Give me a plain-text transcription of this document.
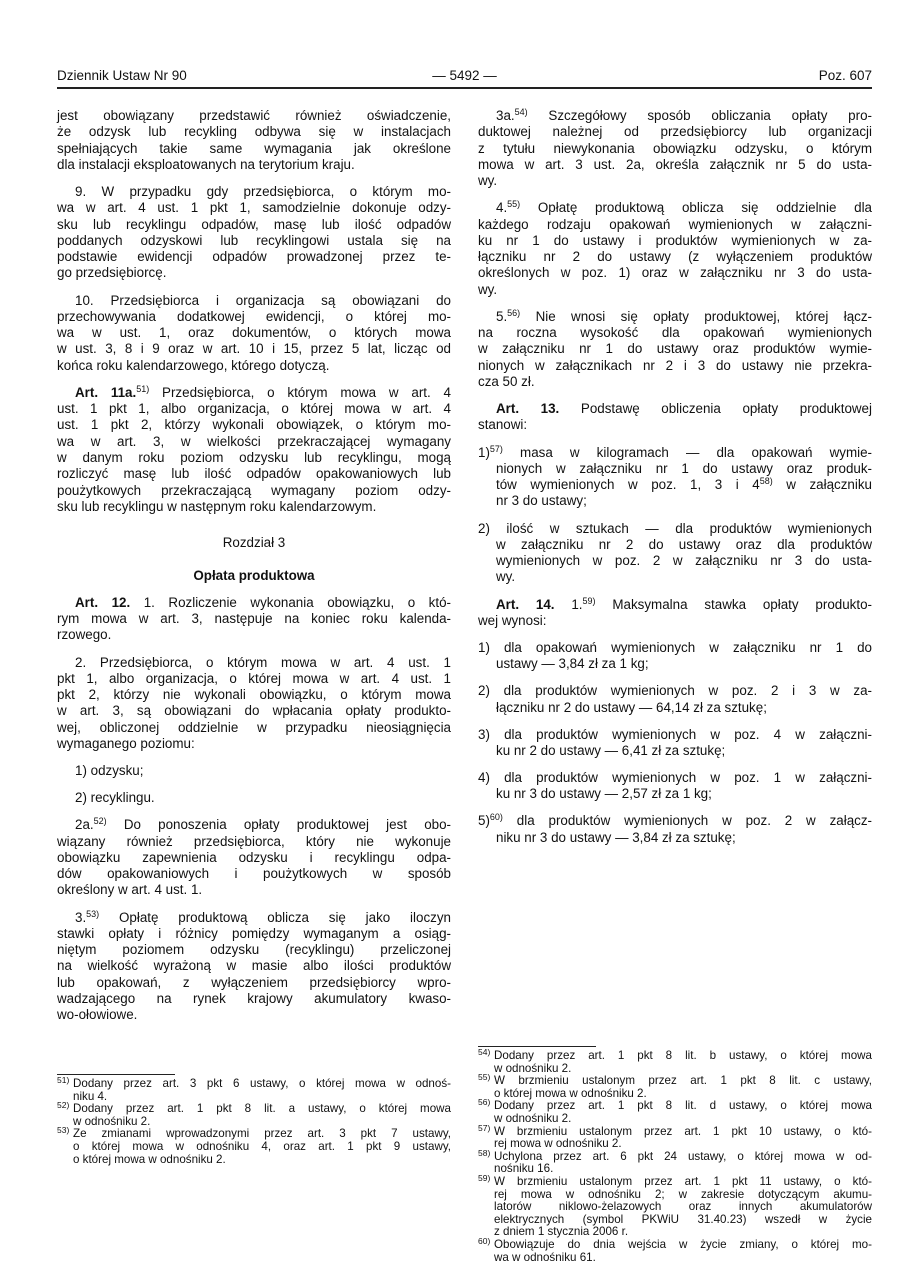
Dziennik Ustaw Nr 90	— 5492 —	Poz. 607
jest obowiązany przedstawić również oświadczenie,
że odzysk lub recykling odbywa się w instalacjach
spełniających takie same wymagania jak określone
dla instalacji eksploatowanych na terytorium kraju.
9. W przypadku gdy przedsiębiorca, o którym mo-
wa w art. 4 ust. 1 pkt 1, samodzielnie dokonuje odzy-
sku lub recyklingu odpadów, masę lub ilość odpadów
poddanych odzyskowi lub recyklingowi ustala się na
podstawie ewidencji odpadów prowadzonej przez te-
go przedsiębiorcę.
10. Przedsiębiorca i organizacja są obowiązani do
przechowywania dodatkowej ewidencji, o której mo-
wa w ust. 1, oraz dokumentów, o których mowa
w ust. 3, 8 i 9 oraz w art. 10 i 15, przez 5 lat, licząc od
końca roku kalendarzowego, którego dotyczą.
Art. 11a.$^{51)}$ Przedsiębiorca, o którym mowa w art. 4
ust. 1 pkt 1, albo organizacja, o której mowa w art. 4
ust. 1 pkt 2, którzy wykonali obowiązek, o którym mo-
wa w art. 3, w wielkości przekraczającej wymagany
w danym roku poziom odzysku lub recyklingu, mogą
rozliczyć masę lub ilość odpadów opakowaniowych lub
poużytkowych przekraczającą wymagany poziom odzy-
sku lub recyklingu w następnym roku kalendarzowym.
Rozdział 3
Opłata produktowa
Art. 12. 1. Rozliczenie wykonania obowiązku, o któ-
rym mowa w art. 3, następuje na koniec roku kalenda-
rzowego.
2. Przedsiębiorca, o którym mowa w art. 4 ust. 1
pkt 1, albo organizacja, o której mowa w art. 4 ust. 1
pkt 2, którzy nie wykonali obowiązku, o którym mowa
w art. 3, są obowiązani do wpłacania opłaty produkto-
wej, obliczonej oddzielnie w przypadku nieosiągnięcia
wymaganego poziomu:
1) odzysku;
2) recyklingu.
2a.$^{52)}$ Do ponoszenia opłaty produktowej jest obo-
wiązany również przedsiębiorca, który nie wykonuje
obowiązku zapewnienia odzysku i recyklingu odpa-
dów opakowaniowych i poużytkowych w sposób
określony w art. 4 ust. 1.
3.$^{53)}$ Opłatę produktową oblicza się jako iloczyn
stawki opłaty i różnicy pomiędzy wymaganym a osiąg-
niętym poziomem odzysku (recyklingu) przeliczonej
na wielkość wyrażoną w masie albo ilości produktów
lub opakowań, z wyłączeniem przedsiębiorcy wpro-
wadzającego na rynek krajowy akumulatory kwaso-
wo-ołowiowe.
3a.$^{54)}$ Szczegółowy sposób obliczania opłaty pro-
duktowej należnej od przedsiębiorcy lub organizacji
z tytułu niewykonania obowiązku odzysku, o którym
mowa w art. 3 ust. 2a, określa załącznik nr 5 do usta-
wy.
4.$^{55)}$ Opłatę produktową oblicza się oddzielnie dla
każdego rodzaju opakowań wymienionych w załączni-
ku nr 1 do ustawy i produktów wymienionych w za-
łączniku nr 2 do ustawy (z wyłączeniem produktów
określonych w poz. 1) oraz w załączniku nr 3 do usta-
wy.
5.$^{56)}$ Nie wnosi się opłaty produktowej, której łącz-
na roczna wysokość dla opakowań wymienionych
w załączniku nr 1 do ustawy oraz produktów wymie-
nionych w załącznikach nr 2 i 3 do ustawy nie przekra-
cza 50 zł.
Art. 13. Podstawę obliczenia opłaty produktowej
stanowi:
1)$^{57)}$ masa w kilogramach — dla opakowań wymie-
nionych w załączniku nr 1 do ustawy oraz produk-
tów wymienionych w poz. 1, 3 i 4$^{58)}$ w załączniku
nr 3 do ustawy;
2) ilość w sztukach — dla produktów wymienionych
w załączniku nr 2 do ustawy oraz dla produktów
wymienionych w poz. 2 w załączniku nr 3 do usta-
wy.
Art. 14. 1.$^{59)}$ Maksymalna stawka opłaty produkto-
wej wynosi:
1) dla opakowań wymienionych w załączniku nr 1 do
ustawy — 3,84 zł za 1 kg;
2) dla produktów wymienionych w poz. 2 i 3 w za-
łączniku nr 2 do ustawy — 64,14 zł za sztukę;
3) dla produktów wymienionych w poz. 4 w załączni-
ku nr 2 do ustawy — 6,41 zł za sztukę;
4) dla produktów wymienionych w poz. 1 w załączni-
ku nr 3 do ustawy — 2,57 zł za 1 kg;
5)$^{60)}$ dla produktów wymienionych w poz. 2 w załącz-
niku nr 3 do ustawy — 3,84 zł za sztukę;
$^{51)}$ Dodany przez art. 3 pkt 6 ustawy, o której mowa w odnoś-
niku 4.
$^{52)}$ Dodany przez art. 1 pkt 8 lit. a ustawy, o której mowa
w odnośniku 2.
$^{53)}$ Ze zmianami wprowadzonymi przez art. 3 pkt 7 ustawy,
o której mowa w odnośniku 4, oraz art. 1 pkt 9 ustawy,
o której mowa w odnośniku 2.
$^{54)}$ Dodany przez art. 1 pkt 8 lit. b ustawy, o której mowa
w odnośniku 2.
$^{55)}$ W brzmieniu ustalonym przez art. 1 pkt 8 lit. c ustawy,
o której mowa w odnośniku 2.
$^{56)}$ Dodany przez art. 1 pkt 8 lit. d ustawy, o której mowa
w odnośniku 2.
$^{57)}$ W brzmieniu ustalonym przez art. 1 pkt 10 ustawy, o któ-
rej mowa w odnośniku 2.
$^{58)}$ Uchylona przez art. 6 pkt 24 ustawy, o której mowa w od-
nośniku 16.
$^{59)}$ W brzmieniu ustalonym przez art. 1 pkt 11 ustawy, o któ-
rej mowa w odnośniku 2; w zakresie dotyczącym akumu-
latorów niklowo-żelazowych oraz innych akumulatorów
elektrycznych (symbol PKWiU 31.40.23) wszedł w życie
z dniem 1 stycznia 2006 r.
$^{60)}$ Obowiązuje do dnia wejścia w życie zmiany, o której mo-
wa w odnośniku 61.
